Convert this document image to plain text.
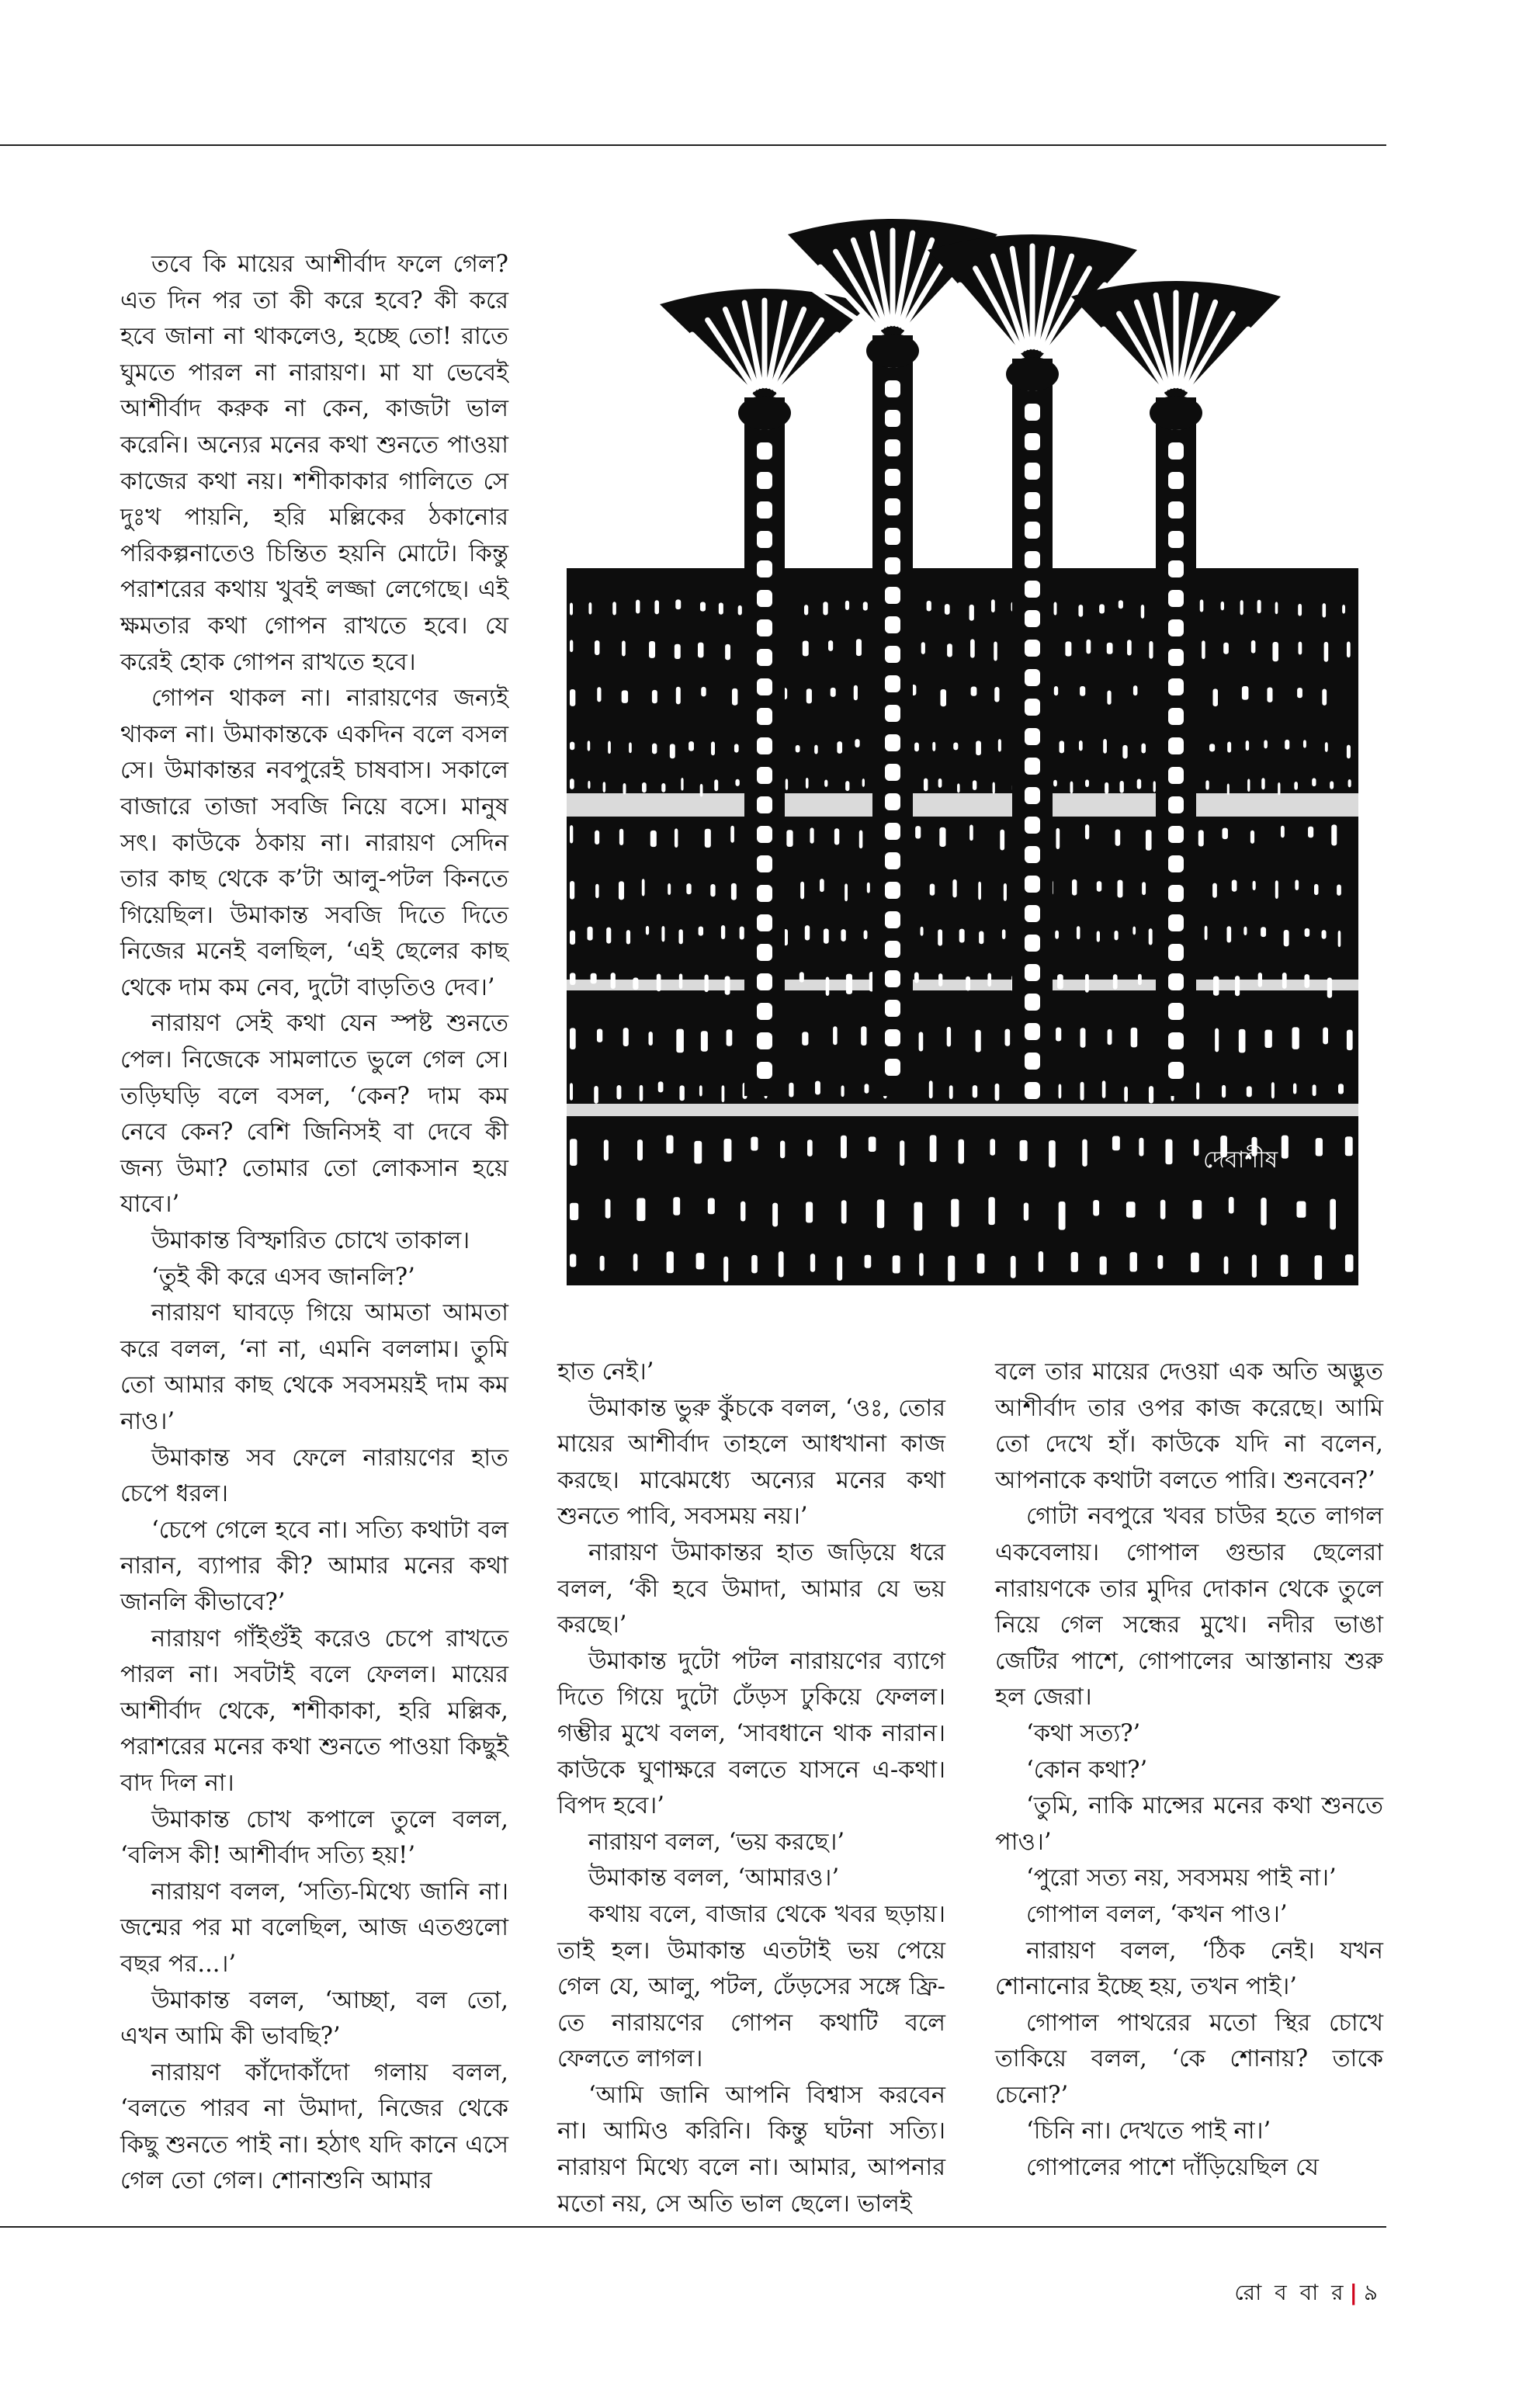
তবে কি মায়ের আশীর্বাদ ফলে গেল? এত দিন পর তা কী করে হবে? কী করে হবে জানা না থাকলেও, হচ্ছে তো! রাতে ঘুমতে পারল না নারায়ণ। মা যা ভেবেই আশীর্বাদ করুক না কেন, কাজটা ভাল করেনি। অন্যের মনের কথা শুনতে পাওয়া কাজের কথা নয়। শশীকাকার গালিতে সে দুঃখ পায়নি, হরি মল্লিকের ঠকানোর পরিকল্পনাতেও চিন্তিত হয়নি মোটে। কিন্তু পরাশরের কথায় খুবই লজ্জা লেগেছে। এই ক্ষমতার কথা গোপন রাখতে হবে। যে করেই হোক গোপন রাখতে হবে।

গোপন থাকল না। নারায়ণের জন্যই থাকল না। উমাকান্তকে একদিন বলে বসল সে। উমাকান্তর নবপুরেই চাষবাস। সকালে বাজারে তাজা সবজি নিয়ে বসে। মানুষ সৎ। কাউকে ঠকায় না। নারায়ণ সেদিন তার কাছ থেকে ক’টা আলু-পটল কিনতে গিয়েছিল। উমাকান্ত সবজি দিতে দিতে নিজের মনেই বলছিল, ‘এই ছেলের কাছ থেকে দাম কম নেব, দুটো বাড়তিও দেব।’

নারায়ণ সেই কথা যেন স্পষ্ট শুনতে পেল। নিজেকে সামলাতে ভুলে গেল সে। তড়িঘড়ি বলে বসল, ‘কেন? দাম কম নেবে কেন? বেশি জিনিসই বা দেবে কী জন্য উমা? তোমার তো লোকসান হয়ে যাবে।’

উমাকান্ত বিস্ফারিত চোখে তাকাল।

‘তুই কী করে এসব জানলি?’

নারায়ণ ঘাবড়ে গিয়ে আমতা আমতা করে বলল, ‘না না, এমনি বললাম। তুমি তো আমার কাছ থেকে সবসময়ই দাম কম নাও।’

উমাকান্ত সব ফেলে নারায়ণের হাত চেপে ধরল।

‘চেপে গেলে হবে না। সত্যি কথাটা বল নারান, ব্যাপার কী? আমার মনের কথা জানলি কীভাবে?’

নারায়ণ গাঁইগুঁই করেও চেপে রাখতে পারল না। সবটাই বলে ফেলল। মায়ের আশীর্বাদ থেকে, শশীকাকা, হরি মল্লিক, পরাশরের মনের কথা শুনতে পাওয়া কিছুই বাদ দিল না।

উমাকান্ত চোখ কপালে তুলে বলল, ‘বলিস কী! আশীর্বাদ সত্যি হয়!’

নারায়ণ বলল, ‘সত্যি-মিথ্যে জানি না। জন্মের পর মা বলেছিল, আজ এতগুলো বছর পর...।’

উমাকান্ত বলল, ‘আচ্ছা, বল তো, এখন আমি কী ভাবছি?’

নারায়ণ কাঁদোকাঁদো গলায় বলল, ‘বলতে পারব না উমাদা, নিজের থেকে কিছু শুনতে পাই না। হঠাৎ যদি কানে এসে গেল তো গেল। শোনাশুনি আমার

দেবাশীষ

হাত নেই।’

উমাকান্ত ভুরু কুঁচকে বলল, ‘ওঃ, তোর মায়ের আশীর্বাদ তাহলে আধখানা কাজ করছে। মাঝেমধ্যে অন্যের মনের কথা শুনতে পাবি, সবসময় নয়।’

নারায়ণ উমাকান্তর হাত জড়িয়ে ধরে বলল, ‘কী হবে উমাদা, আমার যে ভয় করছে।’

উমাকান্ত দুটো পটল নারায়ণের ব্যাগে দিতে গিয়ে দুটো ঢেঁড়স ঢুকিয়ে ফেলল। গম্ভীর মুখে বলল, ‘সাবধানে থাক নারান। কাউকে ঘুণাক্ষরে বলতে যাসনে এ-কথা। বিপদ হবে।’

নারায়ণ বলল, ‘ভয় করছে।’

উমাকান্ত বলল, ‘আমারও।’

কথায় বলে, বাজার থেকে খবর ছড়ায়। তাই হল। উমাকান্ত এতটাই ভয় পেয়ে গেল যে, আলু, পটল, ঢেঁড়সের সঙ্গে ফ্রি-তে নারায়ণের গোপন কথাটি বলে ফেলতে লাগল।

‘আমি জানি আপনি বিশ্বাস করবেন না। আমিও করিনি। কিন্তু ঘটনা সত্যি। নারায়ণ মিথ্যে বলে না। আমার, আপনার মতো নয়, সে অতি ভাল ছেলে। ভালই

বলে তার মায়ের দেওয়া এক অতি অদ্ভুত আশীর্বাদ তার ওপর কাজ করেছে। আমি তো দেখে হাঁ। কাউকে যদি না বলেন, আপনাকে কথাটা বলতে পারি। শুনবেন?’

গোটা নবপুরে খবর চাউর হতে লাগল একবেলায়। গোপাল গুন্ডার ছেলেরা নারায়ণকে তার মুদির দোকান থেকে তুলে নিয়ে গেল সন্ধের মুখে। নদীর ভাঙা জেটির পাশে, গোপালের আস্তানায় শুরু হল জেরা।

‘কথা সত্য?’

‘কোন কথা?’

‘তুমি, নাকি মান্সের মনের কথা শুনতে পাও।’

‘পুরো সত্য নয়, সবসময় পাই না।’

গোপাল বলল, ‘কখন পাও।’

নারায়ণ বলল, ‘ঠিক নেই। যখন শোনানোর ইচ্ছে হয়, তখন পাই।’

গোপাল পাথরের মতো স্থির চোখে তাকিয়ে বলল, ‘কে শোনায়? তাকে চেনো?’

‘চিনি না। দেখতে পাই না।’

গোপালের পাশে দাঁড়িয়েছিল যে

রো ব বা র | ৯
